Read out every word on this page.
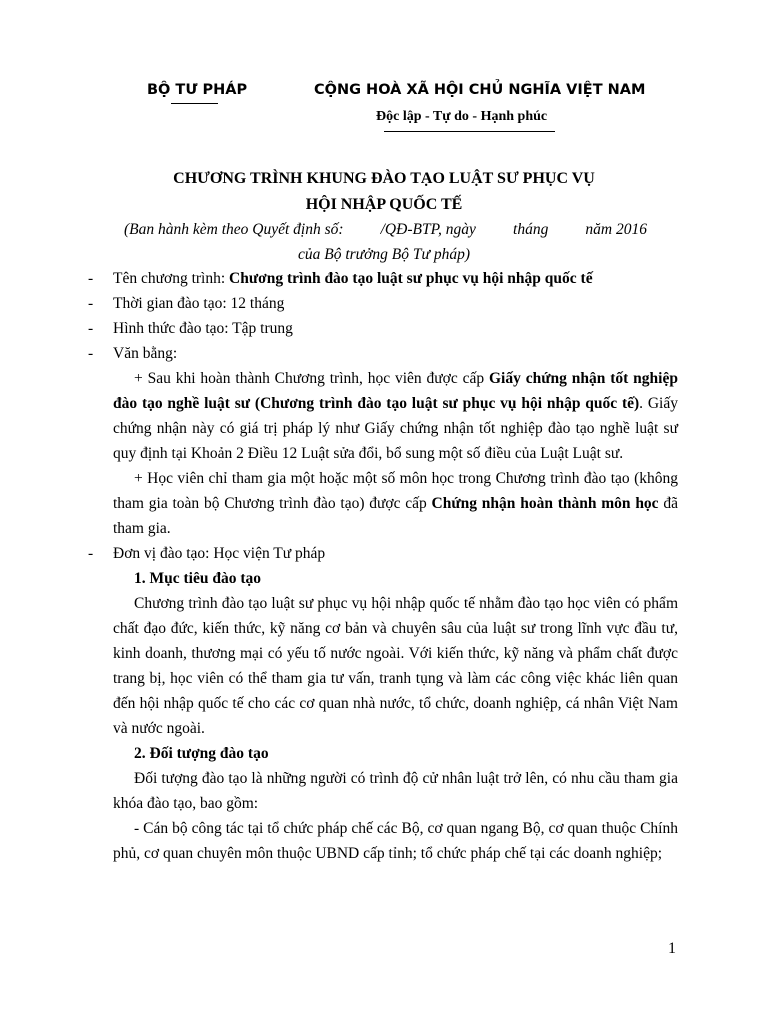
BỘ TƯ PHÁP	CỘNG HOÀ XÃ HỘI CHỦ NGHĨA VIỆT NAM
Độc lập - Tự do - Hạnh phúc
CHƯƠNG TRÌNH KHUNG ĐÀO TẠO LUẬT SƯ PHỤC VỤ
HỘI NHẬP QUỐC TẾ
(Ban hành kèm theo Quyết định số: /QĐ-BTP, ngày tháng năm 2016
của Bộ trưởng Bộ Tư pháp)
-	Tên chương trình: Chương trình đào tạo luật sư phục vụ hội nhập quốc tế
-	Thời gian đào tạo: 12 tháng
-	Hình thức đào tạo: Tập trung
-	Văn bằng:
+ Sau khi hoàn thành Chương trình, học viên được cấp Giấy chứng nhận tốt nghiệp đào tạo nghề luật sư (Chương trình đào tạo luật sư phục vụ hội nhập quốc tế). Giấy chứng nhận này có giá trị pháp lý như Giấy chứng nhận tốt nghiệp đào tạo nghề luật sư quy định tại Khoản 2 Điều 12 Luật sửa đổi, bổ sung một số điều của Luật Luật sư.
+ Học viên chỉ tham gia một hoặc một số môn học trong Chương trình đào tạo (không tham gia toàn bộ Chương trình đào tạo) được cấp Chứng nhận hoàn thành môn học đã tham gia.
-	Đơn vị đào tạo: Học viện Tư pháp
1. Mục tiêu đào tạo
Chương trình đào tạo luật sư phục vụ hội nhập quốc tế nhằm đào tạo học viên có phẩm chất đạo đức, kiến thức, kỹ năng cơ bản và chuyên sâu của luật sư trong lĩnh vực đầu tư, kinh doanh, thương mại có yếu tố nước ngoài. Với kiến thức, kỹ năng và phẩm chất được trang bị, học viên có thể tham gia tư vấn, tranh tụng và làm các công việc khác liên quan đến hội nhập quốc tế cho các cơ quan nhà nước, tổ chức, doanh nghiệp, cá nhân Việt Nam và nước ngoài.
2. Đối tượng đào tạo
Đối tượng đào tạo là những người có trình độ cử nhân luật trở lên, có nhu cầu tham gia khóa đào tạo, bao gồm:
- Cán bộ công tác tại tổ chức pháp chế các Bộ, cơ quan ngang Bộ, cơ quan thuộc Chính phủ, cơ quan chuyên môn thuộc UBND cấp tỉnh; tổ chức pháp chế tại các doanh nghiệp;
1
